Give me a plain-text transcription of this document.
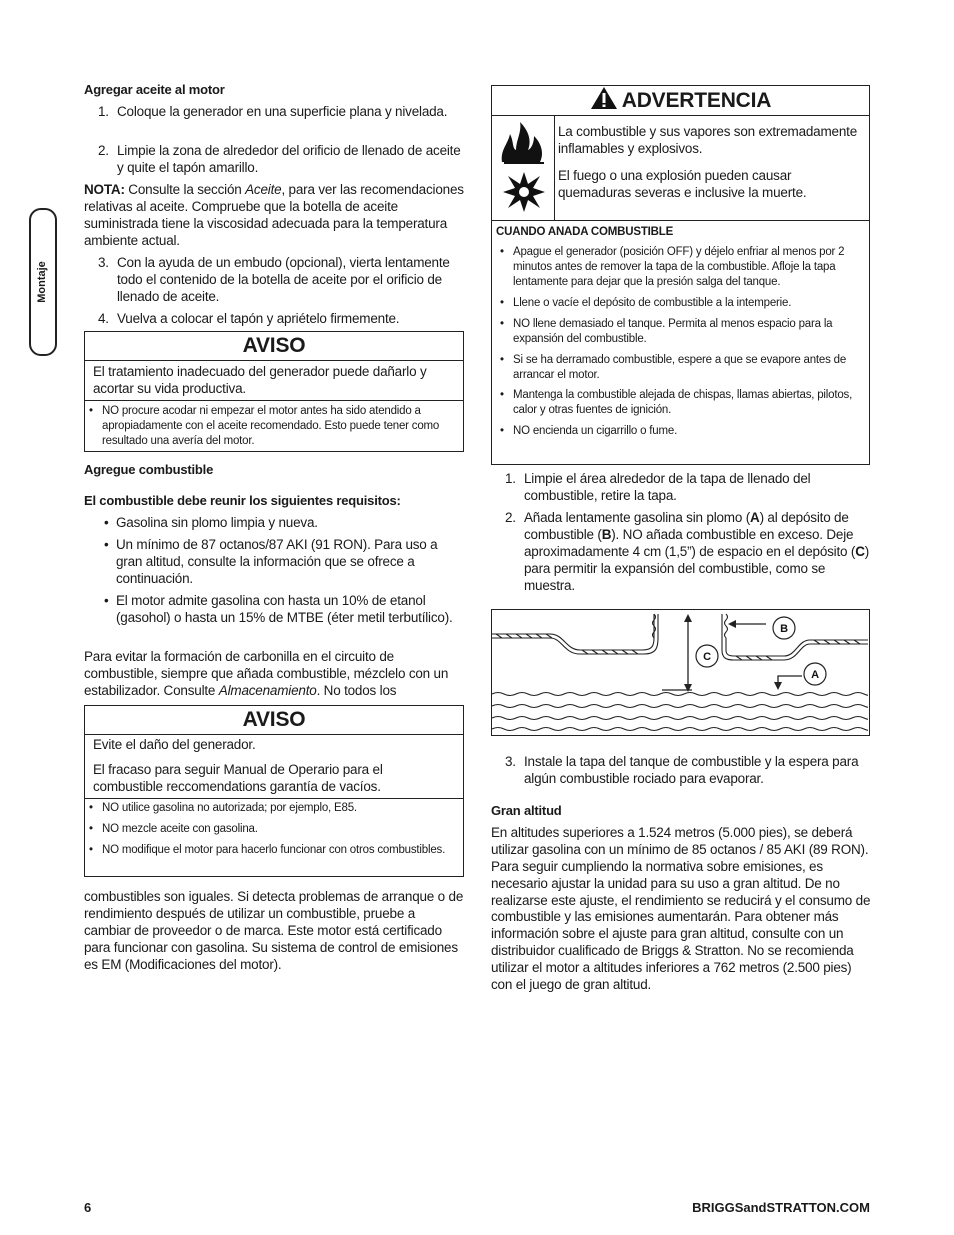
Montaje
Agregar aceite al motor
1. Coloque la generador en una superficie plana y nivelada.
2. Limpie la zona de alrededor del orificio de llenado de aceite y quite el tapón amarillo.

NOTA: Consulte la sección Aceite, para ver las recomendaciones relativas al aceite. Compruebe que la botella de aceite suministrada tiene la viscosidad adecuada para la temperatura ambiente actual.

3. Con la ayuda de un embudo (opcional), vierta lentamente todo el contenido de la botella de aceite por el orificio de llenado de aceite.
4. Vuelva a colocar el tapón y apriételo firmemente.
AVISO
El tratamiento inadecuado del generador puede dañarlo y acortar su vida productiva.
• NO procure acodar ni empezar el motor antes ha sido atendido a apropiadamente con el aceite recomendado. Esto puede tener como resultado una avería del motor.
Agregue combustible
El combustible debe reunir los siguientes requisitos:
• Gasolina sin plomo limpia y nueva.
• Un mínimo de 87 octanos/87 AKI (91 RON). Para uso a gran altitud, consulte la información que se ofrece a continuación.
• El motor admite gasolina con hasta un 10% de etanol (gasohol) o hasta un 15% de MTBE (éter metil terbutílico).

Para evitar la formación de carbonilla en el circuito de combustible, siempre que añada combustible, mézclelo con un estabilizador. Consulte Almacenamiento. No todos los

AVISO

Evite el daño del generador.

El fracaso para seguir Manual de Operario para el combustible reccomendations garantía de vacíos.

• NO utilice gasolina no autorizada; por ejemplo, E85.
• NO mezcle aceite con gasolina.
• NO modifique el motor para hacerlo funcionar con otros combustibles.

combustibles son iguales. Si detecta problemas de arranque o de rendimiento después de utilizar un combustible, pruebe a cambiar de proveedor o de marca. Este motor está certificado para funcionar con gasolina. Su sistema de control de emisiones es EM (Modificaciones del motor).

ADVERTENCIA

La combustible y sus vapores son extremadamente inflamables y explosivos.

El fuego o una explosión pueden causar quemaduras severas e inclusive la muerte.

CUANDO ANADA COMBUSTIBLE
• Apague el generador (posición OFF) y déjelo enfriar al menos por 2 minutos antes de remover la tapa de la combustible. Afloje la tapa lentamente para dejar que la presión salga del tanque.
• Llene o vacíe el depósito de combustible a la intemperie.
• NO llene demasiado el tanque. Permita al menos espacio para la expansión del combustible.
• Si se ha derramado combustible, espere a que se evapore antes de arrancar el motor.
• Mantenga la combustible alejada de chispas, llamas abiertas, pilotos, calor y otras fuentes de ignición.
• NO encienda un cigarrillo o fume.
1. Limpie el área alrededor de la tapa de llenado del combustible, retire la tapa.
2. Añada lentamente gasolina sin plomo (A) al depósito de combustible (B). NO añada combustible en exceso. Deje aproximadamente 4 cm (1,5”) de espacio en el depósito (C) para permitir la expansión del combustible, como se muestra.
B
C
A
3. Instale la tapa del tanque de combustible y la espera para algún combustible rociado para evaporar.
Gran altitud

En altitudes superiores a 1.524 metros (5.000 pies), se deberá utilizar gasolina con un mínimo de 85 octanos / 85 AKI (89 RON). Para seguir cumpliendo la normativa sobre emisiones, es necesario ajustar la unidad para su uso a gran altitud. De no realizarse este ajuste, el rendimiento se reducirá y el consumo de combustible y las emisiones aumentarán. Para obtener más información sobre el ajuste para gran altitud, consulte con un distribuidor cualificado de Briggs & Stratton. No se recomienda utilizar el motor a altitudes inferiores a 762 metros (2.500 pies) con el juego de gran altitud.

6	BRIGGSandSTRATTON.COM
